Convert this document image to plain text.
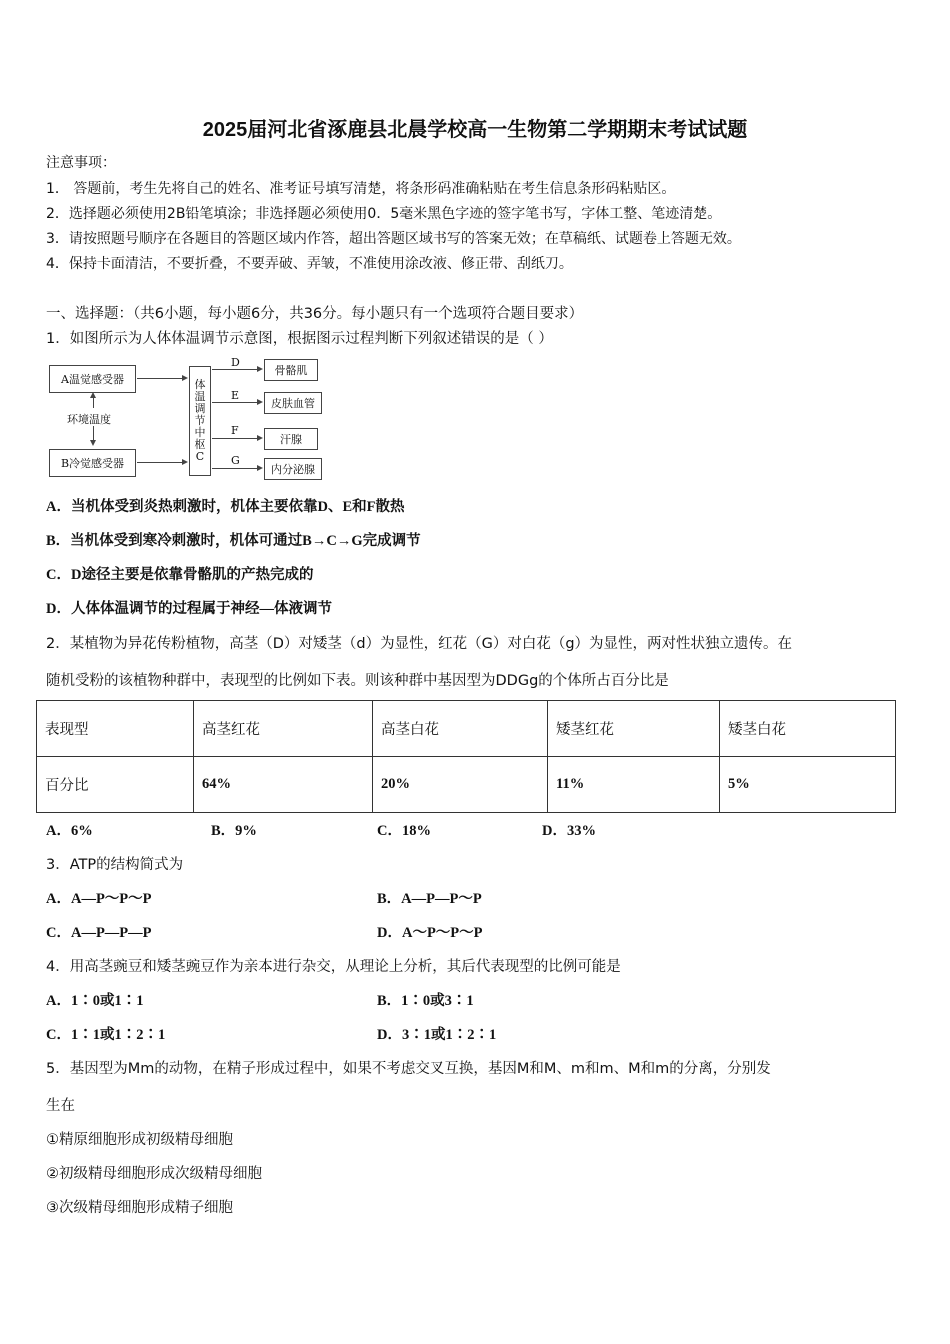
2025届河北省涿鹿县北晨学校高一生物第二学期期末考试试题
注意事项：
1． 答题前，考生先将自己的姓名、准考证号填写清楚，将条形码准确粘贴在考生信息条形码粘贴区。
2．选择题必须使用2B铅笔填涂；非选择题必须使用0．5毫米黑色字迹的签字笔书写，字体工整、笔迹清楚。
3．请按照题号顺序在各题目的答题区域内作答，超出答题区域书写的答案无效；在草稿纸、试题卷上答题无效。
4．保持卡面清洁，不要折叠，不要弄破、弄皱，不准使用涂改液、修正带、刮纸刀。
一、选择题：（共6小题，每小题6分，共36分。每小题只有一个选项符合题目要求）
1．如图所示为人体体温调节示意图，根据图示过程判断下列叙述错误的是（ ）
A温觉感受器
B冷觉感受器
环境温度
体温调节中枢C
D
骨骼肌
E
皮肤血管
F
汗腺
G
内分泌腺
A．当机体受到炎热刺激时，机体主要依靠D、E和F散热
B．当机体受到寒冷刺激时，机体可通过B→C→G完成调节
C．D途径主要是依靠骨骼肌的产热完成的
D．人体体温调节的过程属于神经—体液调节
2．某植物为异花传粉植物，高茎（D）对矮茎（d）为显性，红花（G）对白花（g）为显性，两对性状独立遗传。在
随机受粉的该植物种群中，表现型的比例如下表。则该种群中基因型为DDGg的个体所占百分比是
表现型	高茎红花	高茎白花	矮茎红花	矮茎白花
百分比	64%	20%	11%	5%
A．6%	B．9%	C．18%	D．33%
3．ATP的结构简式为
A．A—P～P～P	B．A—P—P～P
C．A—P—P—P	D．A～P～P～P
4．用高茎豌豆和矮茎豌豆作为亲本进行杂交，从理论上分析，其后代表现型的比例可能是
A．1∶0或1∶1	B．1∶0或3∶1
C．1∶1或1∶2∶1	D．3∶1或1∶2∶1
5．基因型为Mm的动物，在精子形成过程中，如果不考虑交叉互换，基因M和M、m和m、M和m的分离，分别发
生在
①精原细胞形成初级精母细胞
②初级精母细胞形成次级精母细胞
③次级精母细胞形成精子细胞
